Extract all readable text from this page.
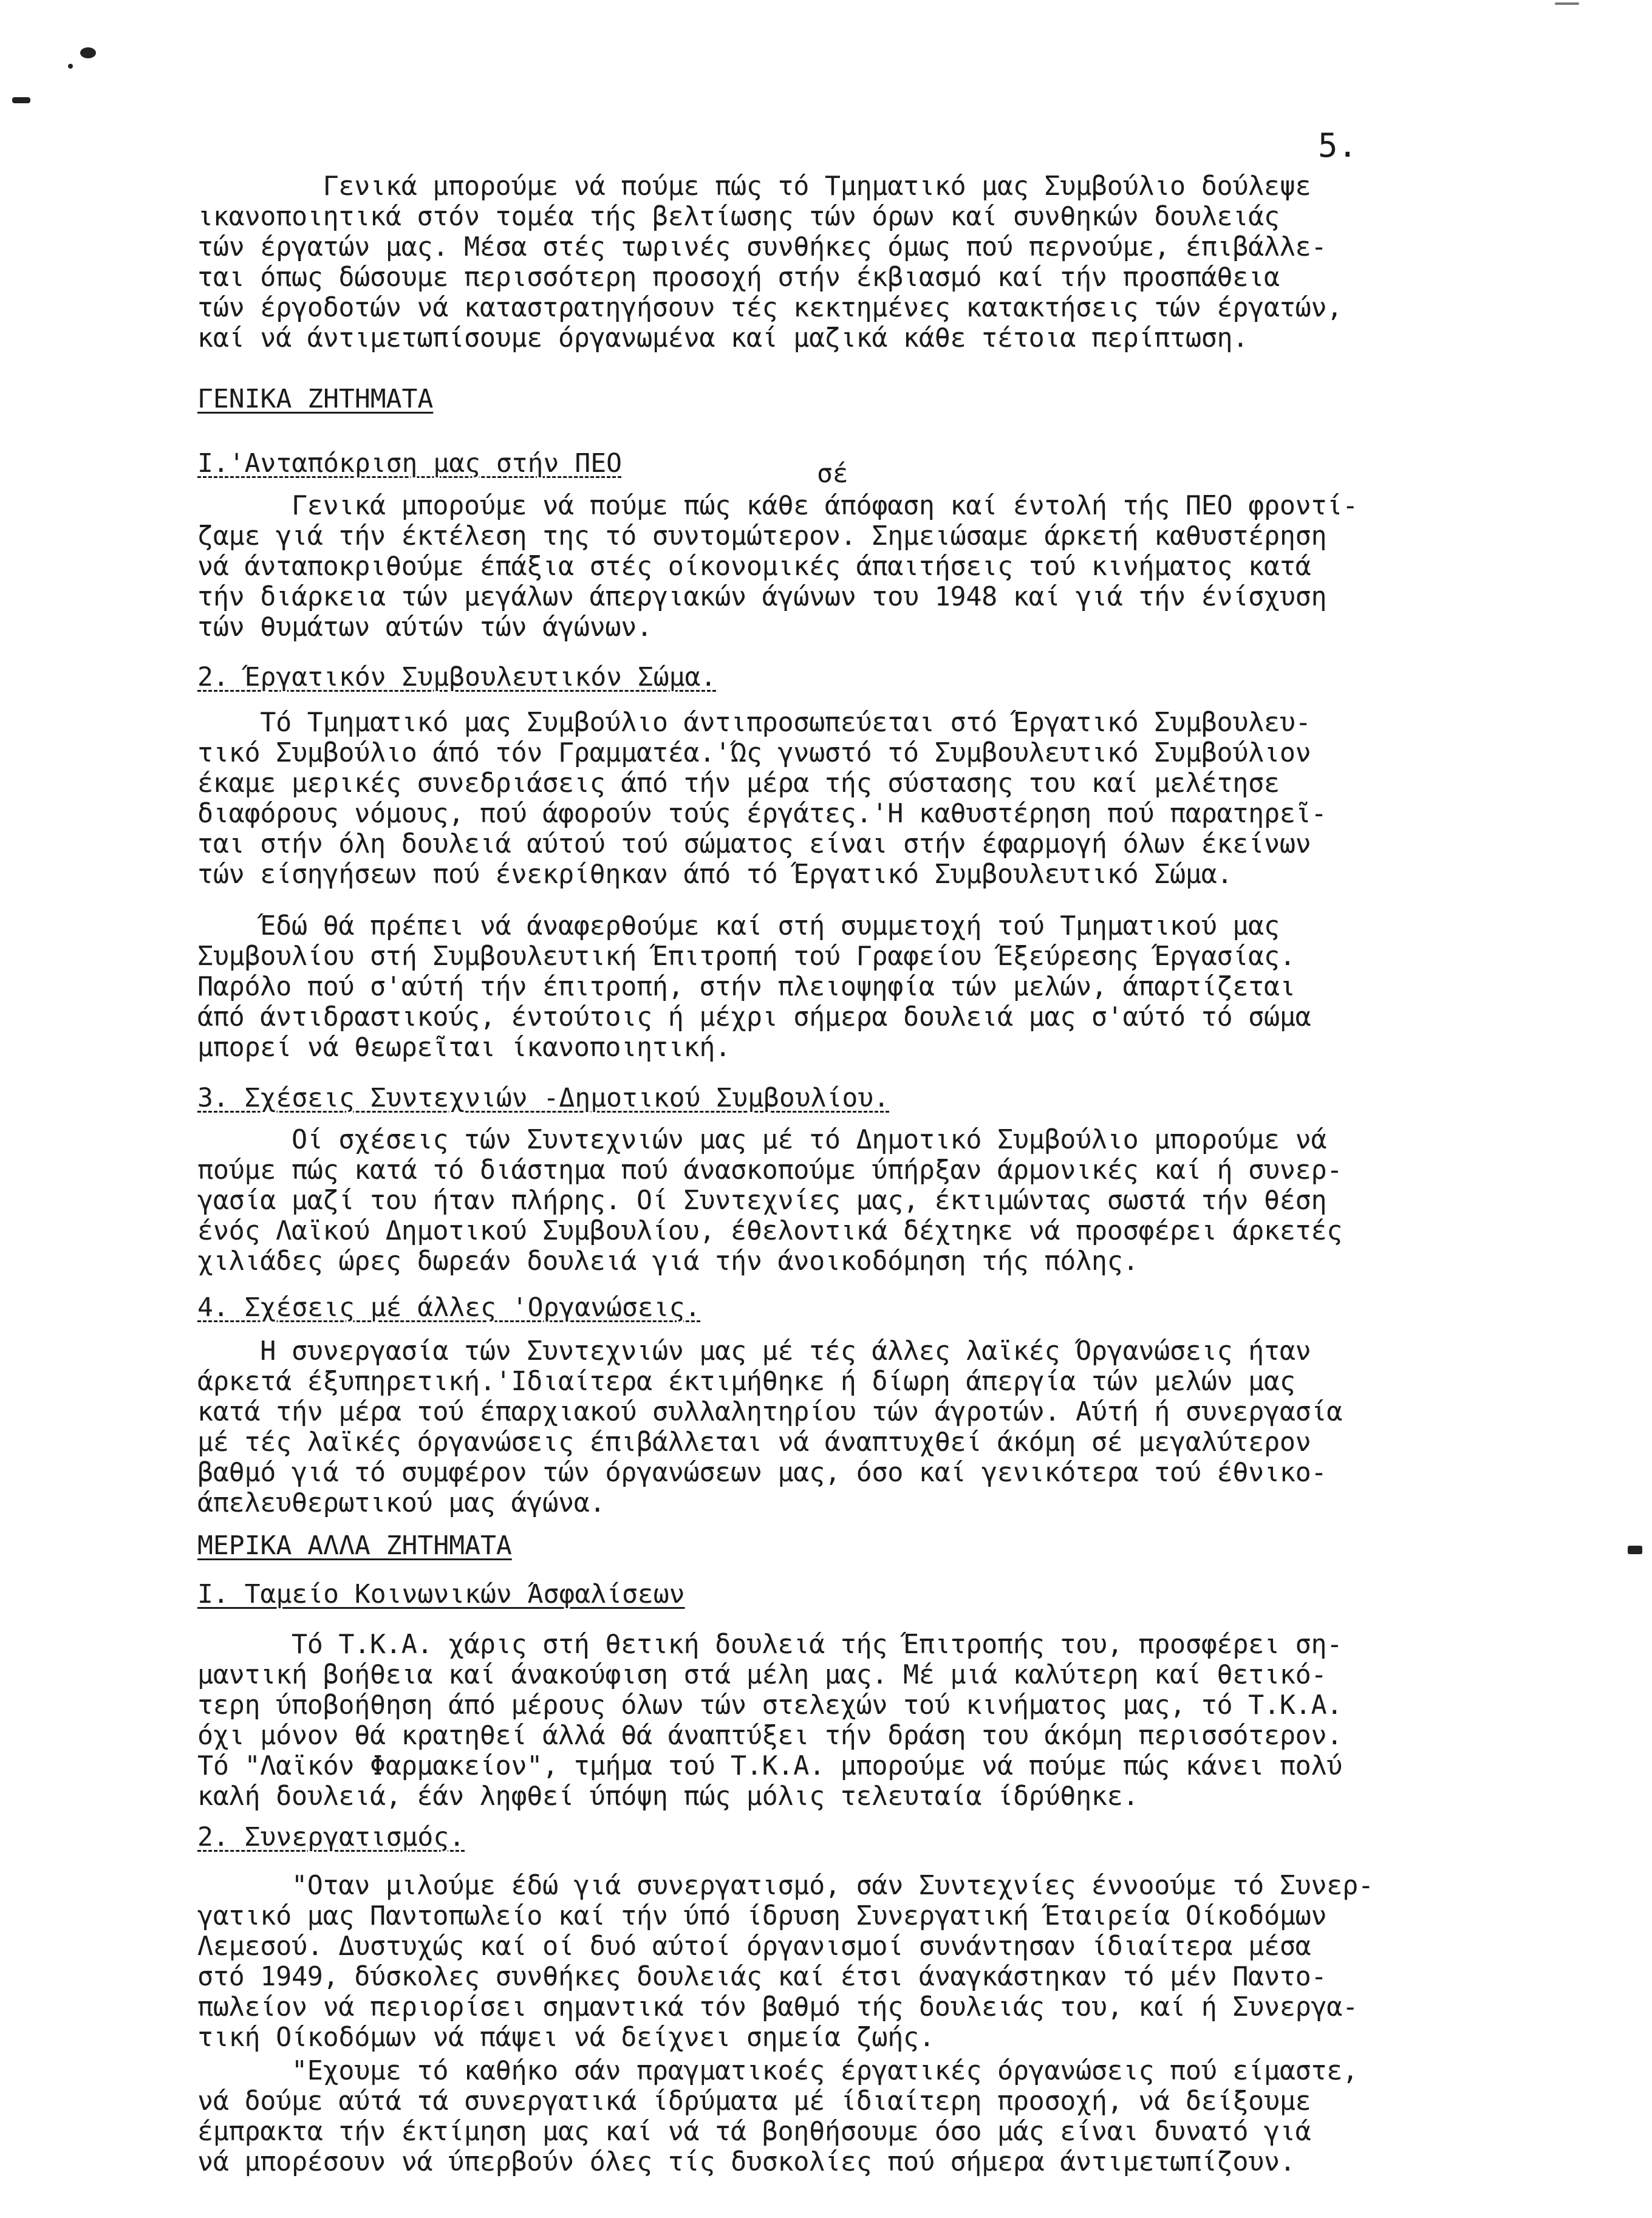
5.
Γενικά μπορούμε νά πούμε πώς τό Τμηματικό μας Συμβούλιο δούλεψε
ικανοποιητικά στόν τομέα τής βελτίωσης τών όρων καί συνθηκών δουλειάς
τών έργατών μας. Μέσα στές τωρινές συνθήκες όμως πού περνούμε, έπιβάλλε-
ται όπως δώσουμε περισσότερη προσοχή στήν έκβιασμό καί τήν προσπάθεια
τών έργοδοτών νά καταστρατηγήσουν τές κεκτημένες κατακτήσεις τών έργατών,
καί νά άντιμετωπίσουμε όργανωμένα καί μαζικά κάθε τέτοια περίπτωση.
ΓΕΝΙΚΑ ΖΗΤΗΜΑΤΑ
Ι.'Ανταπόκριση μας στήν ΠΕΟ	σέ
Γενικά μπορούμε νά πούμε πώς κάθε άπόφαση καί έντολή τής ΠΕΟ φροντί-
ζαμε γιά τήν έκτέλεση της τό συντομώτερον. Σημειώσαμε άρκετή καθυστέρηση
νά άνταποκριθούμε έπάξια στές οίκονομικές άπαιτήσεις τού κινήματος κατά
τήν διάρκεια τών μεγάλων άπεργιακών άγώνων του 1948 καί γιά τήν ένίσχυση
τών θυμάτων αύτών τών άγώνων.
2. Έργατικόν Συμβουλευτικόν Σώμα.
Τό Τμηματικό μας Συμβούλιο άντιπροσωπεύεται στό Έργατικό Συμβουλευ-
τικό Συμβούλιο άπό τόν Γραμματέα.'Ώς γνωστό τό Συμβουλευτικό Συμβούλιον
έκαμε μερικές συνεδριάσεις άπό τήν μέρα τής σύστασης του καί μελέτησε
διαφόρους νόμους, πού άφορούν τούς έργάτες.'Η καθυστέρηση πού παρατηρεῖ-
ται στήν όλη δουλειά αύτού τού σώματος είναι στήν έφαρμογή όλων έκείνων
τών είσηγήσεων πού ένεκρίθηκαν άπό τό Έργατικό Συμβουλευτικό Σώμα.
Έδώ θά πρέπει νά άναφερθούμε καί στή συμμετοχή τού Τμηματικού μας
Συμβουλίου στή Συμβουλευτική Έπιτροπή τού Γραφείου Έξεύρεσης Έργασίας.
Παρόλο πού σ'αύτή τήν έπιτροπή, στήν πλειοψηφία τών μελών, άπαρτίζεται
άπό άντιδραστικούς, έντούτοις ή μέχρι σήμερα δουλειά μας σ'αύτό τό σώμα
μπορεί νά θεωρεῖται ίκανοποιητική.
3. Σχέσεις Συντεχνιών -Δημοτικού Συμβουλίου.
Οί σχέσεις τών Συντεχνιών μας μέ τό Δημοτικό Συμβούλιο μπορούμε νά
πούμε πώς κατά τό διάστημα πού άνασκοπούμε ύπήρξαν άρμονικές καί ή συνερ-
γασία μαζί του ήταν πλήρης. Οί Συντεχνίες μας, έκτιμώντας σωστά τήν θέση
ένός Λαϊκού Δημοτικού Συμβουλίου, έθελοντικά δέχτηκε νά προσφέρει άρκετές
χιλιάδες ώρες δωρεάν δουλειά γιά τήν άνοικοδόμηση τής πόλης.
4. Σχέσεις μέ άλλες 'Οργανώσεις.
Η συνεργασία τών Συντεχνιών μας μέ τές άλλες λαϊκές Όργανώσεις ήταν
άρκετά έξυπηρετική.'Ιδιαίτερα έκτιμήθηκε ή δίωρη άπεργία τών μελών μας
κατά τήν μέρα τού έπαρχιακού συλλαλητηρίου τών άγροτών. Αύτή ή συνεργασία
μέ τές λαϊκές όργανώσεις έπιβάλλεται νά άναπτυχθεί άκόμη σέ μεγαλύτερον
βαθμό γιά τό συμφέρον τών όργανώσεων μας, όσο καί γενικότερα τού έθνικο-
άπελευθερωτικού μας άγώνα.
ΜΕΡΙΚΑ ΑΛΛΑ ΖΗΤΗΜΑΤΑ
Ι. Ταμείο Κοινωνικών Άσφαλίσεων
Τό Τ.Κ.Α. χάρις στή θετική δουλειά τής Έπιτροπής του, προσφέρει ση-
μαντική βοήθεια καί άνακούφιση στά μέλη μας. Μέ μιά καλύτερη καί θετικό-
τερη ύποβοήθηση άπό μέρους όλων τών στελεχών τού κινήματος μας, τό Τ.Κ.Α.
όχι μόνον θά κρατηθεί άλλά θά άναπτύξει τήν δράση του άκόμη περισσότερον.
Τό "Λαϊκόν Φαρμακείον", τμήμα τού Τ.Κ.Α. μπορούμε νά πούμε πώς κάνει πολύ
καλή δουλειά, έάν ληφθεί ύπόψη πώς μόλις τελευταία ίδρύθηκε.
2. Συνεργατισμός.
"Οταν μιλούμε έδώ γιά συνεργατισμό, σάν Συντεχνίες έννοούμε τό Συνερ-
γατικό μας Παντοπωλείο καί τήν ύπό ίδρυση Συνεργατική Έταιρεία Οίκοδόμων
Λεμεσού. Δυστυχώς καί οί δυό αύτοί όργανισμοί συνάντησαν ίδιαίτερα μέσα
στό 1949, δύσκολες συνθήκες δουλειάς καί έτσι άναγκάστηκαν τό μέν Παντο-
πωλείον νά περιορίσει σημαντικά τόν βαθμό τής δουλειάς του, καί ή Συνεργα-
τική Οίκοδόμων νά πάψει νά δείχνει σημεία ζωής.
"Εχουμε τό καθήκο σάν πραγματικοές έργατικές όργανώσεις πού είμαστε,
νά δούμε αύτά τά συνεργατικά ίδρύματα μέ ίδιαίτερη προσοχή, νά δείξουμε
έμπρακτα τήν έκτίμηση μας καί νά τά βοηθήσουμε όσο μάς είναι δυνατό γιά
νά μπορέσουν νά ύπερβούν όλες τίς δυσκολίες πού σήμερα άντιμετωπίζουν.
